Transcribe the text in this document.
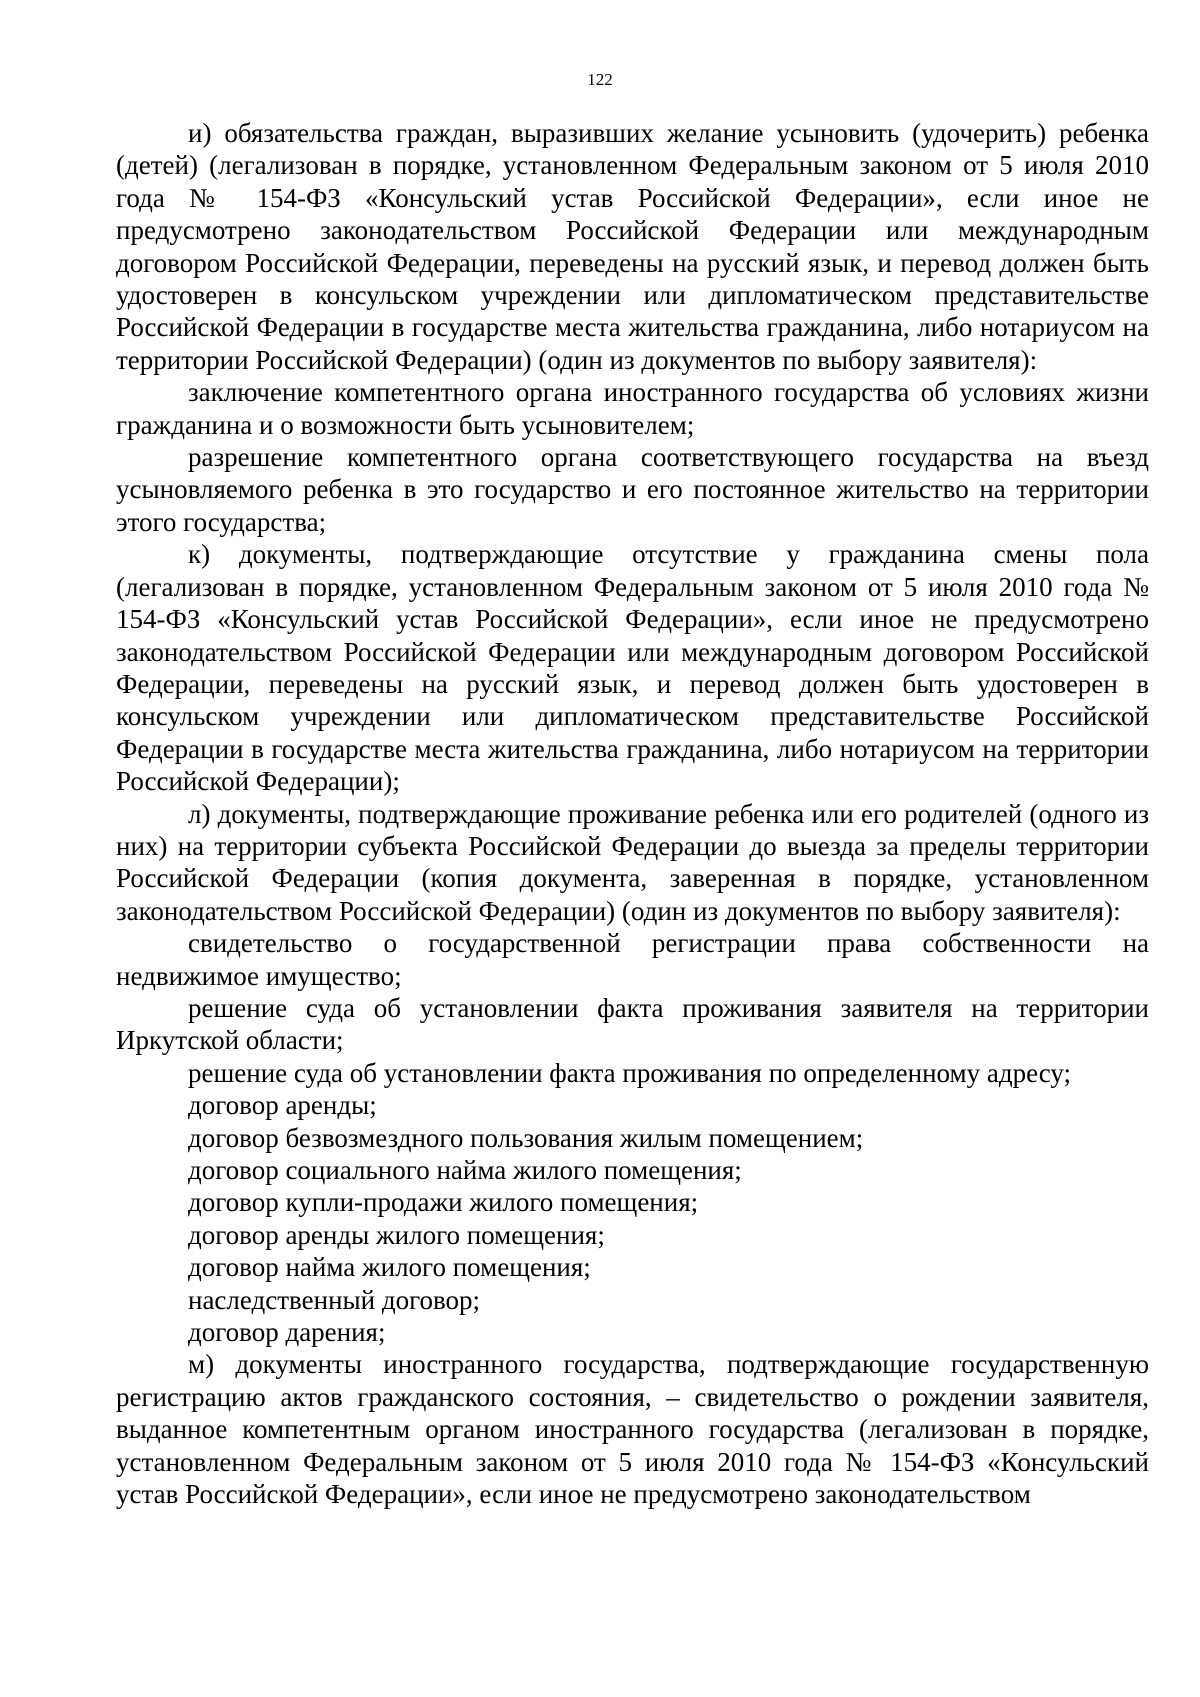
122

и) обязательства граждан, выразивших желание усыновить (удочерить) ребенка (детей) (легализован в порядке, установленном Федеральным законом от 5 июля 2010 года № 154-ФЗ «Консульский устав Российской Федерации», если иное не предусмотрено законодательством Российской Федерации или международным договором Российской Федерации, переведены на русский язык, и перевод должен быть удостоверен в консульском учреждении или дипломатическом представительстве Российской Федерации в государстве места жительства гражданина, либо нотариусом на территории Российской Федерации) (один из документов по выбору заявителя):

заключение компетентного органа иностранного государства об условиях жизни гражданина и о возможности быть усыновителем;

разрешение компетентного органа соответствующего государства на въезд усыновляемого ребенка в это государство и его постоянное жительство на территории этого государства;

к) документы, подтверждающие отсутствие у гражданина смены пола (легализован в порядке, установленном Федеральным законом от 5 июля 2010 года № 154-ФЗ «Консульский устав Российской Федерации», если иное не предусмотрено законодательством Российской Федерации или международным договором Российской Федерации, переведены на русский язык, и перевод должен быть удостоверен в консульском учреждении или дипломатическом представительстве Российской Федерации в государстве места жительства гражданина, либо нотариусом на территории Российской Федерации);

л) документы, подтверждающие проживание ребенка или его родителей (одного из них) на территории субъекта Российской Федерации до выезда за пределы территории Российской Федерации (копия документа, заверенная в порядке, установленном законодательством Российской Федерации) (один из документов по выбору заявителя):

свидетельство о государственной регистрации права собственности на недвижимое имущество;

решение суда об установлении факта проживания заявителя на территории Иркутской области;

решение суда об установлении факта проживания по определенному адресу;

договор аренды;

договор безвозмездного пользования жилым помещением;

договор социального найма жилого помещения;

договор купли-продажи жилого помещения;

договор аренды жилого помещения;

договор найма жилого помещения;

наследственный договор;

договор дарения;

м) документы иностранного государства, подтверждающие государственную регистрацию актов гражданского состояния, – свидетельство о рождении заявителя, выданное компетентным органом иностранного государства (легализован в порядке, установленном Федеральным законом от 5 июля 2010 года № 154-ФЗ «Консульский устав Российской Федерации», если иное не предусмотрено законодательством
